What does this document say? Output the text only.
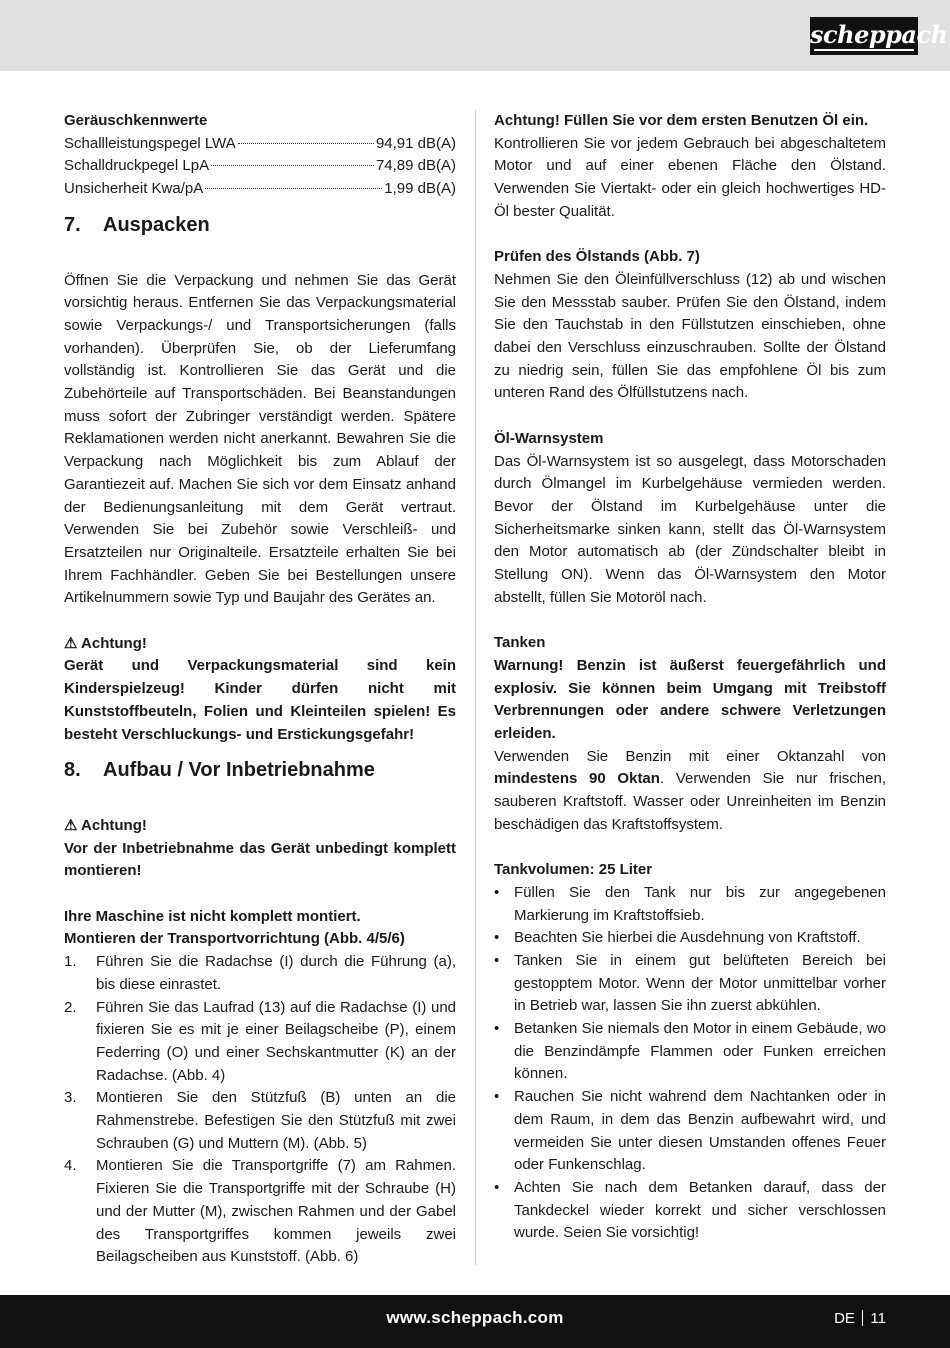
scheppach
Geräuschkennwerte
Schallleistungspegel LWA	94,91 dB(A)
Schalldruckpegel LpA	74,89 dB(A)
Unsicherheit Kwa/pA	1,99 dB(A)
7.	Auspacken

Öffnen Sie die Verpackung und nehmen Sie das Gerät vorsichtig heraus. Entfernen Sie das Verpackungsmaterial sowie Verpackungs-/ und Transportsicherungen (falls vorhanden). Überprüfen Sie, ob der Lieferumfang vollständig ist. Kontrollieren Sie das Gerät und die Zubehörteile auf Transportschäden. Bei Beanstandungen muss sofort der Zubringer verständigt werden. Spätere Reklamationen werden nicht anerkannt. Bewahren Sie die Verpackung nach Möglichkeit bis zum Ablauf der Garantiezeit auf. Machen Sie sich vor dem Einsatz anhand der Bedienungsanleitung mit dem Gerät vertraut. Verwenden Sie bei Zubehör sowie Verschleiß- und Ersatzteilen nur Originalteile. Ersatzteile erhalten Sie bei Ihrem Fachhändler. Geben Sie bei Bestellungen unsere Artikelnummern sowie Typ und Baujahr des Gerätes an.

⚠ Achtung!

Gerät und Verpackungsmaterial sind kein Kinderspielzeug! Kinder dürfen nicht mit Kunststoffbeuteln, Folien und Kleinteilen spielen! Es besteht Verschluckungs- und Erstickungsgefahr!

8.	Aufbau / Vor Inbetriebnahme
⚠ Achtung!

Vor der Inbetriebnahme das Gerät unbedingt komplett montieren!

Ihre Maschine ist nicht komplett montiert.
Montieren der Transportvorrichtung (Abb. 4/5/6)
1.	Führen Sie die Radachse (I) durch die Führung (a), bis diese einrastet.
2.	Führen Sie das Laufrad (13) auf die Radachse (I) und fixieren Sie es mit je einer Beilagscheibe (P), einem Federring (O) und einer Sechskantmutter (K) an der Radachse. (Abb. 4)
3.	Montieren Sie den Stützfuß (B) unten an die Rahmenstrebe. Befestigen Sie den Stützfuß mit zwei Schrauben (G) und Muttern (M). (Abb. 5)
4.	Montieren Sie die Transportgriffe (7) am Rahmen. Fixieren Sie die Transportgriffe mit der Schraube (H) und der Mutter (M), zwischen Rahmen und der Gabel des Transportgriffes kommen jeweils zwei Beilagscheiben aus Kunststoff. (Abb. 6)

Achtung! Füllen Sie vor dem ersten Benutzen Öl ein.

Kontrollieren Sie vor jedem Gebrauch bei abgeschaltetem Motor und auf einer ebenen Fläche den Ölstand. Verwenden Sie Viertakt- oder ein gleich hochwertiges HD-Öl bester Qualität.

Prüfen des Ölstands (Abb. 7)

Nehmen Sie den Öleinfüllverschluss (12) ab und wischen Sie den Messstab sauber. Prüfen Sie den Ölstand, indem Sie den Tauchstab in den Füllstutzen einschieben, ohne dabei den Verschluss einzuschrauben. Sollte der Ölstand zu niedrig sein, füllen Sie das empfohlene Öl bis zum unteren Rand des Ölfüllstutzens nach.

Öl-Warnsystem

Das Öl-Warnsystem ist so ausgelegt, dass Motorschaden durch Ölmangel im Kurbelgehäuse vermieden werden. Bevor der Ölstand im Kurbelgehäuse unter die Sicherheitsmarke sinken kann, stellt das Öl-Warnsystem den Motor automatisch ab (der Zündschalter bleibt in Stellung ON). Wenn das Öl-Warnsystem den Motor abstellt, füllen Sie Motoröl nach.

Tanken

Warnung! Benzin ist äußerst feuergefährlich und explosiv. Sie können beim Umgang mit Treibstoff Verbrennungen oder andere schwere Verletzungen erleiden.

Verwenden Sie Benzin mit einer Oktanzahl von mindestens 90 Oktan. Verwenden Sie nur frischen, sauberen Kraftstoff. Wasser oder Unreinheiten im Benzin beschädigen das Kraftstoffsystem.

Tankvolumen: 25 Liter
• Füllen Sie den Tank nur bis zur angegebenen Markierung im Kraftstoffsieb.
• Beachten Sie hierbei die Ausdehnung von Kraftstoff.
• Tanken Sie in einem gut belüfteten Bereich bei gestopptem Motor. Wenn der Motor unmittelbar vorher in Betrieb war, lassen Sie ihn zuerst abkühlen.
• Betanken Sie niemals den Motor in einem Gebäude, wo die Benzindämpfe Flammen oder Funken erreichen können.
• Rauchen Sie nicht wahrend dem Nachtanken oder in dem Raum, in dem das Benzin aufbewahrt wird, und vermeiden Sie unter diesen Umstanden offenes Feuer oder Funkenschlag.
• Achten Sie nach dem Betanken darauf, dass der Tankdeckel wieder korrekt und sicher verschlossen wurde. Seien Sie vorsichtig!
www.scheppach.com	DE 11
